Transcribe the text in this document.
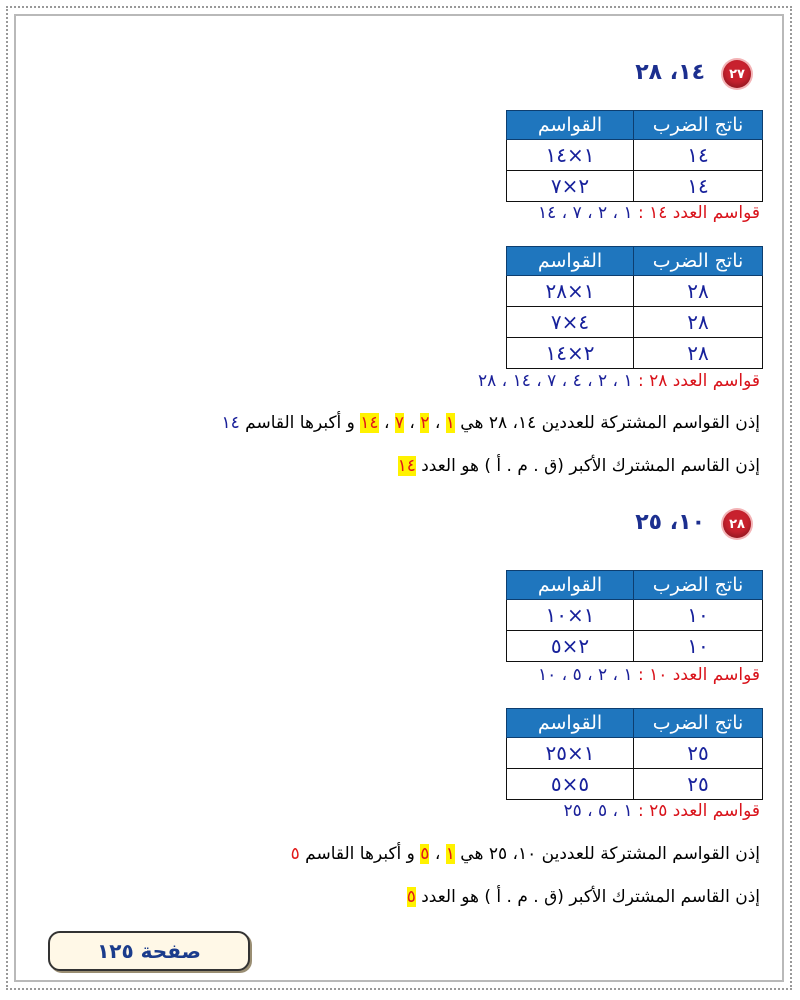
٢٧
١٤، ٢٨
ناتج الضرب	القواسم
١٤	١×١٤
١٤	٢×٧
قواسم العدد ١٤ : ١ ، ٢ ، ٧ ، ١٤
ناتج الضرب	القواسم
٢٨	١×٢٨
٢٨	٤×٧
٢٨	٢×١٤
قواسم العدد ٢٨ : ١ ، ٢ ، ٤ ، ٧ ، ١٤ ، ٢٨
إذن القواسم المشتركة للعددين ١٤، ٢٨ هي ١ ، ٢ ، ٧ ، ١٤ و أكبرها القاسم ١٤
إذن القاسم المشترك الأكبر (ق . م . أ ) هو العدد ١٤
٢٨
١٠، ٢٥
ناتج الضرب	القواسم
١٠	١×١٠
١٠	٢×٥
قواسم العدد ١٠ : ١ ، ٢ ، ٥ ، ١٠
ناتج الضرب	القواسم
٢٥	١×٢٥
٢٥	٥×٥
قواسم العدد ٢٥ : ١ ، ٥ ، ٢٥
إذن القواسم المشتركة للعددين ١٠، ٢٥ هي ١ ، ٥ و أكبرها القاسم ٥
إذن القاسم المشترك الأكبر (ق . م . أ ) هو العدد ٥
صفحة ١٢٥
